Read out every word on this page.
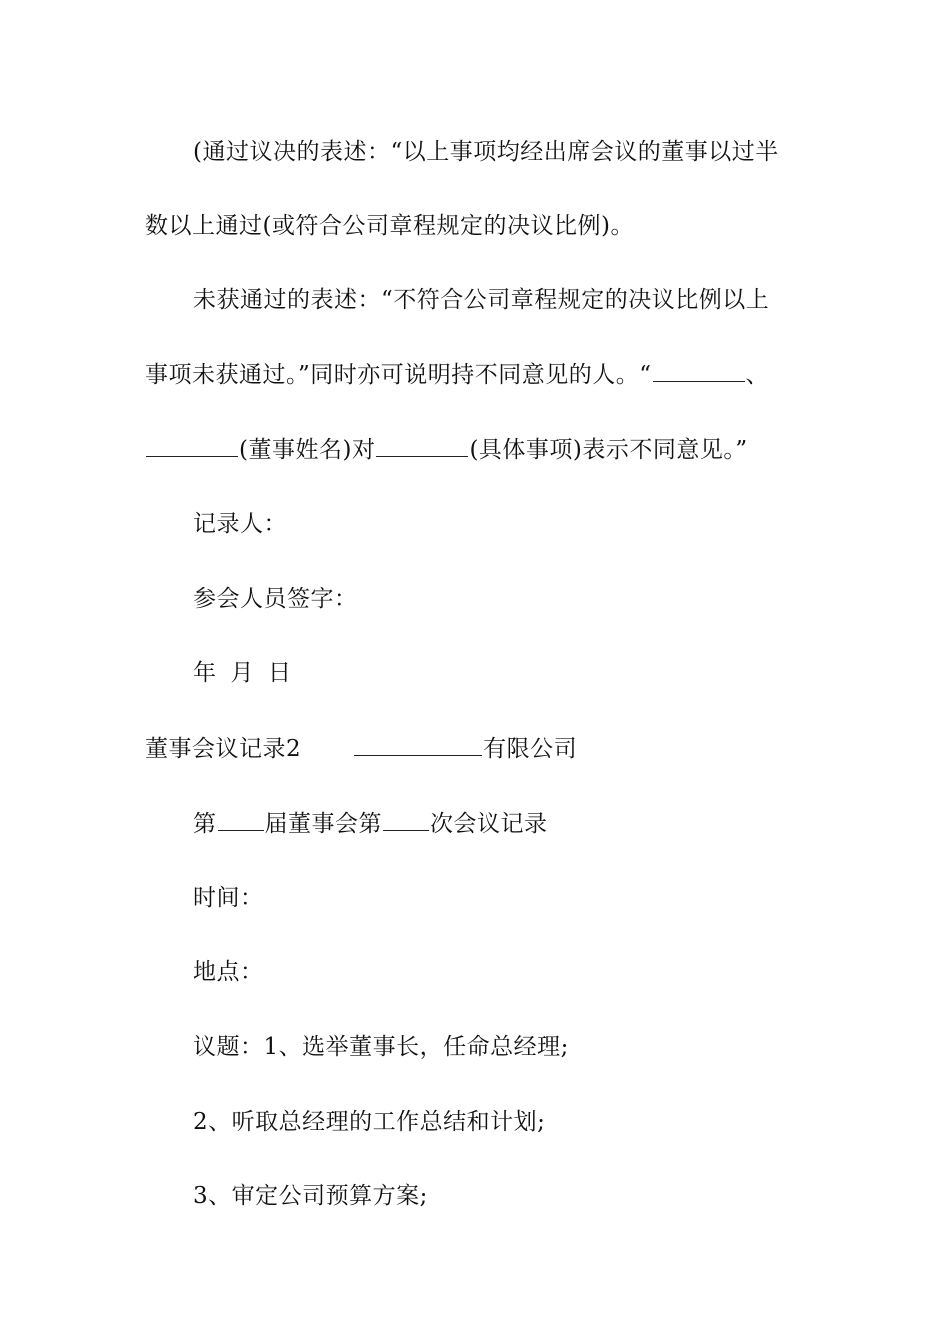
(通过议决的表述：“以上事项均经出席会议的董事以过半
数以上通过(或符合公司章程规定的决议比例)。
未获通过的表述：“不符合公司章程规定的决议比例以上
事项未获通过。”同时亦可说明持不同意见的人。“	、
(董事姓名)对	(具体事项)表示不同意见。”
记录人：
参会人员签字：
年 月 日
董事会议记录2	有限公司
第 届董事会第 次会议记录
时间：
地点：
议题：1、选举董事长，任命总经理;
2、听取总经理的工作总结和计划;
3、审定公司预算方案;
